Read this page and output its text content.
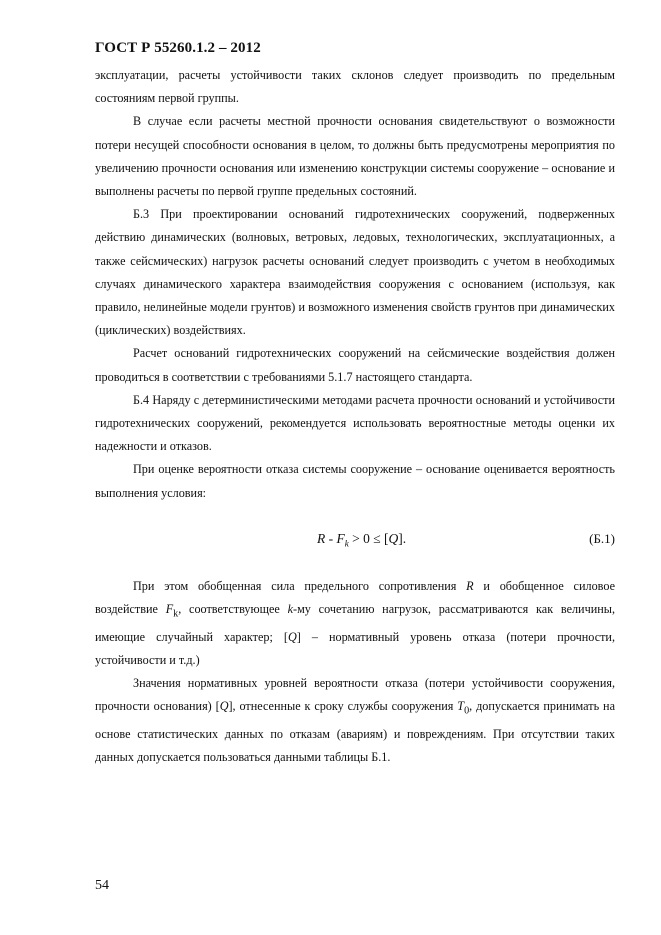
ГОСТ Р 55260.1.2 – 2012

эксплуатации, расчеты устойчивости таких склонов следует производить по предельным состояниям первой группы.

В случае если расчеты местной прочности основания свидетельствуют о возможности потери несущей способности основания в целом, то должны быть предусмотрены мероприятия по увеличению прочности основания или изменению конструкции системы сооружение – основание и выполнены расчеты по первой группе предельных состояний.

Б.3 При проектировании оснований гидротехнических сооружений, подверженных действию динамических (волновых, ветровых, ледовых, технологических, эксплуатационных, а также сейсмических) нагрузок расчеты оснований следует производить с учетом в необходимых случаях динамического характера взаимодействия сооружения с основанием (используя, как правило, нелинейные модели грунтов) и возможного изменения свойств грунтов при динамических (циклических) воздействиях.

Расчет оснований гидротехнических сооружений на сейсмические воздействия должен проводиться в соответствии с требованиями 5.1.7 настоящего стандарта.

Б.4 Наряду с детерминистическими методами расчета прочности оснований и устойчивости гидротехнических сооружений, рекомендуется использовать вероятностные методы оценки их надежности и отказов.

При оценке вероятности отказа системы сооружение – основание оценивается вероятность выполнения условия:

$R - F_k > 0 \le [Q]$.	(Б.1)

При этом обобщенная сила предельного сопротивления R и обобщенное силовое воздействие $F_k$, соответствующее k-му сочетанию нагрузок, рассматриваются как величины, имеющие случайный характер; [Q] – нормативный уровень отказа (потери прочности, устойчивости и т.д.)

Значения нормативных уровней вероятности отказа (потери устойчивости сооружения, прочности основания) [Q], отнесенные к сроку службы сооружения $T_0$, допускается принимать на основе статистических данных по отказам (авариям) и повреждениям. При отсутствии таких данных допускается пользоваться данными таблицы Б.1.

54
